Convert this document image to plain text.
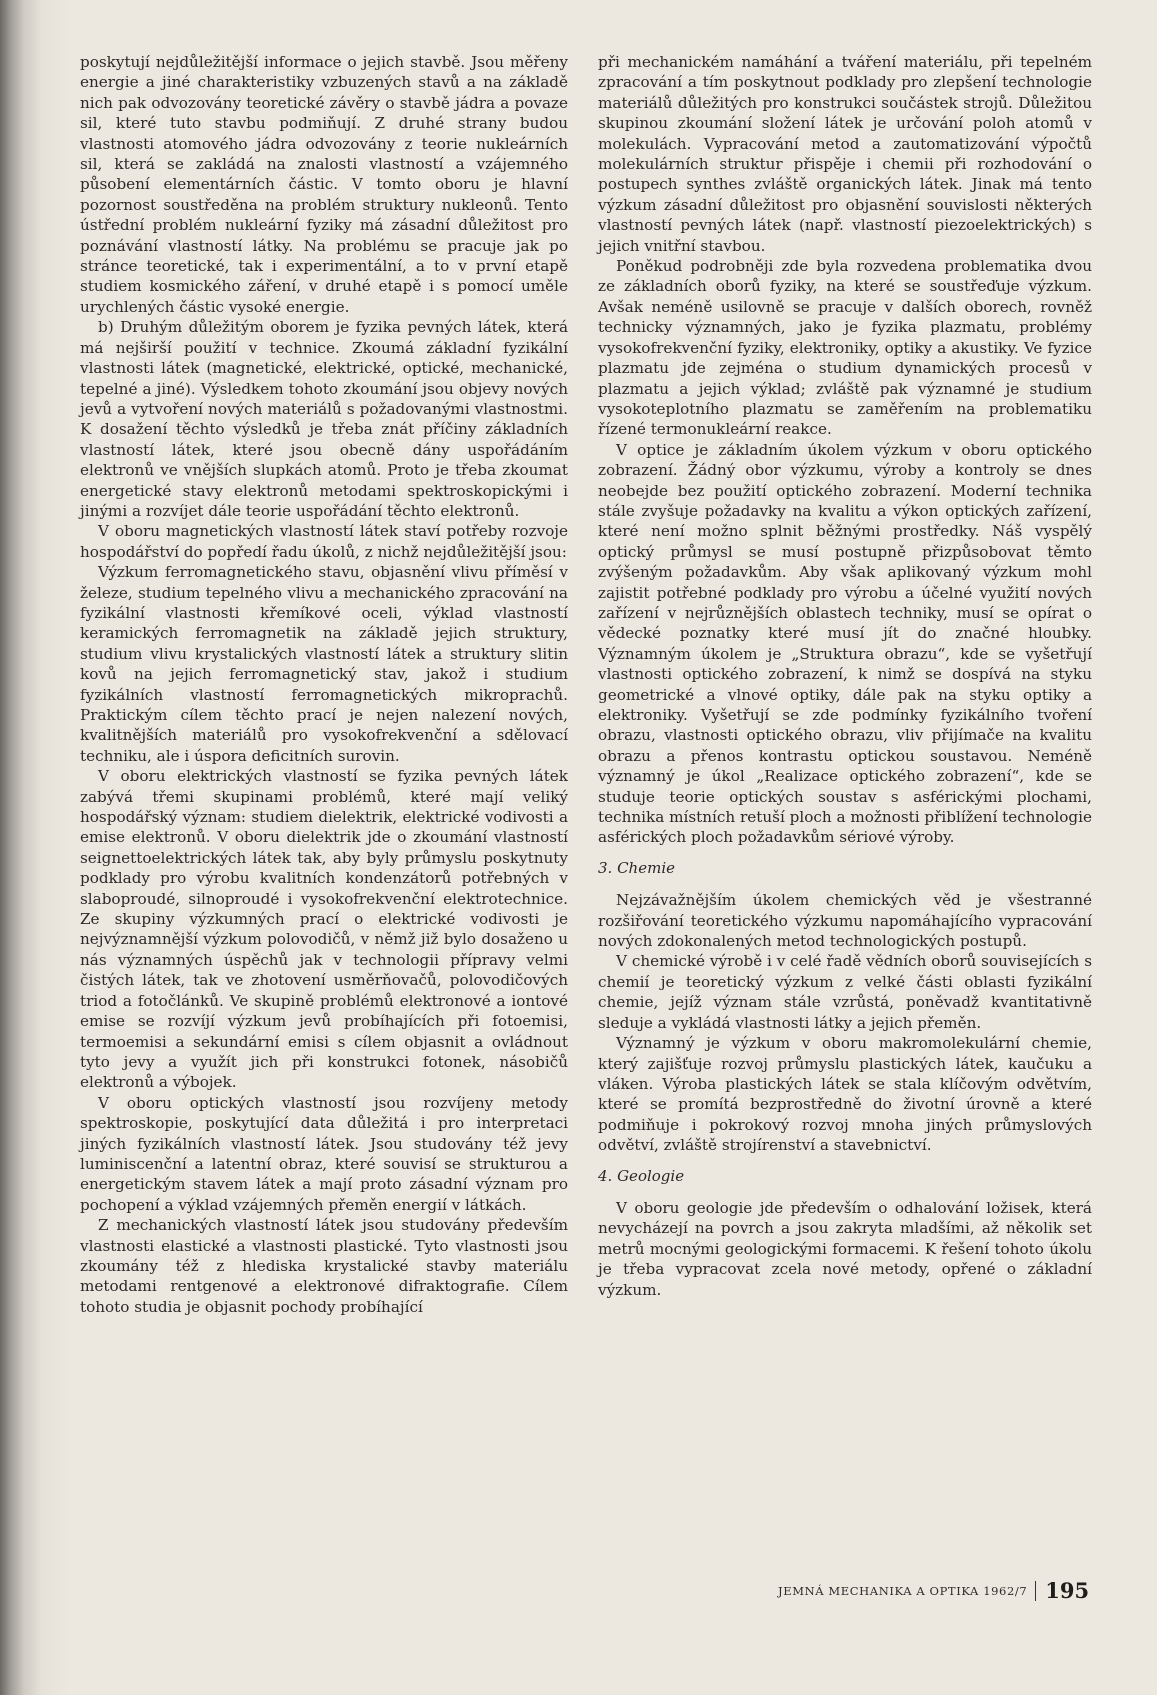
poskytují nejdůležitější informace o jejich stavbě. Jsou měřeny energie a jiné charakteristiky vzbuzených stavů a na základě nich pak odvozovány teoretické závěry o stavbě jádra a povaze sil, které tuto stavbu podmiňují. Z druhé strany budou vlastnosti atomového jádra odvozovány z teorie nukleárních sil, která se zakládá na znalosti vlastností a vzájemného působení elementárních částic. V tomto oboru je hlavní pozornost soustředěna na problém struktury nukleonů. Tento ústřední problém nukleární fyziky má zásadní důležitost pro poznávání vlastností látky. Na problému se pracuje jak po stránce teoretické, tak i experimentální, a to v první etapě studiem kosmického záření, v druhé etapě i s pomocí uměle urychlených částic vysoké energie.

b) Druhým důležitým oborem je fyzika pevných látek, která má nejširší použití v technice. Zkoumá základní fyzikální vlastnosti látek (magnetické, elektrické, optické, mechanické, tepelné a jiné). Výsledkem tohoto zkoumání jsou objevy nových jevů a vytvoření nových materiálů s požadovanými vlastnostmi. K dosažení těchto výsledků je třeba znát příčiny základních vlastností látek, které jsou obecně dány uspořádáním elektronů ve vnějších slupkách atomů. Proto je třeba zkoumat energetické stavy elektronů metodami spektroskopickými i jinými a rozvíjet dále teorie uspořádání těchto elektronů.

V oboru magnetických vlastností látek staví potřeby rozvoje hospodářství do popředí řadu úkolů, z nichž nejdůležitější jsou:

Výzkum ferromagnetického stavu, objasnění vlivu příměsí v železe, studium tepelného vlivu a mechanického zpracování na fyzikální vlastnosti křemíkové oceli, výklad vlastností keramických ferromagnetik na základě jejich struktury, studium vlivu krystalických vlastností látek a struktury slitin kovů na jejich ferromagnetický stav, jakož i studium fyzikálních vlastností ferromagnetických mikroprachů. Praktickým cílem těchto prací je nejen nalezení nových, kvalitnějších materiálů pro vysokofrekvenční a sdělovací techniku, ale i úspora deficitních surovin.

V oboru elektrických vlastností se fyzika pevných látek zabývá třemi skupinami problémů, které mají veliký hospodářský význam: studiem dielektrik, elektrické vodivosti a emise elektronů. V oboru dielektrik jde o zkoumání vlastností seignettoelektrických látek tak, aby byly průmyslu poskytnuty podklady pro výrobu kvalitních kondenzátorů potřebných v slaboproudé, silnoproudé i vysokofrekvenční elektrotechnice. Ze skupiny výzkumných prací o elektrické vodivosti je nejvýznamnější výzkum polovodičů, v němž již bylo dosaženo u nás významných úspěchů jak v technologii přípravy velmi čistých látek, tak ve zhotovení usměrňovačů, polovodičových triod a fotočlánků. Ve skupině problémů elektronové a iontové emise se rozvíjí výzkum jevů probíhajících při fotoemisi, termoemisi a sekundární emisi s cílem objasnit a ovládnout tyto jevy a využít jich při konstrukci fotonek, násobičů elektronů a výbojek.

V oboru optických vlastností jsou rozvíjeny metody spektroskopie, poskytující data důležitá i pro interpretaci jiných fyzikálních vlastností látek. Jsou studovány též jevy luminiscenční a latentní obraz, které souvisí se strukturou a energetickým stavem látek a mají proto zásadní význam pro pochopení a výklad vzájemných přeměn energií v látkách.

Z mechanických vlastností látek jsou studovány především vlastnosti elastické a vlastnosti plastické. Tyto vlastnosti jsou zkoumány též z hlediska krystalické stavby materiálu metodami rentgenové a elektronové difraktografie. Cílem tohoto studia je objasnit pochody probíhající

při mechanickém namáhání a tváření materiálu, při tepelném zpracování a tím poskytnout podklady pro zlepšení technologie materiálů důležitých pro konstrukci součástek strojů. Důležitou skupinou zkoumání složení látek je určování poloh atomů v molekulách. Vypracování metod a zautomatizování výpočtů molekulárních struktur přispěje i chemii při rozhodování o postupech synthes zvláště organických látek. Jinak má tento výzkum zásadní důležitost pro objasnění souvislosti některých vlastností pevných látek (např. vlastností piezoelektrických) s jejich vnitřní stavbou.

Poněkud podrobněji zde byla rozvedena problematika dvou ze základních oborů fyziky, na které se soustřeďuje výzkum. Avšak neméně usilovně se pracuje v dalších oborech, rovněž technicky významných, jako je fyzika plazmatu, problémy vysokofrekvenční fyziky, elektroniky, optiky a akustiky. Ve fyzice plazmatu jde zejména o studium dynamických procesů v plazmatu a jejich výklad; zvláště pak významné je studium vysokoteplotního plazmatu se zaměřením na problematiku řízené termonukleární reakce.

V optice je základním úkolem výzkum v oboru optického zobrazení. Žádný obor výzkumu, výroby a kontroly se dnes neobejde bez použití optického zobrazení. Moderní technika stále zvyšuje požadavky na kvalitu a výkon optických zařízení, které není možno splnit běžnými prostředky. Náš vyspělý optický průmysl se musí postupně přizpůsobovat těmto zvýšeným požadavkům. Aby však aplikovaný výzkum mohl zajistit potřebné podklady pro výrobu a účelné využití nových zařízení v nejrůznějších oblastech techniky, musí se opírat o vědecké poznatky které musí jít do značné hloubky. Významným úkolem je „Struktura obrazu“, kde se vyšetřují vlastnosti optického zobrazení, k nimž se dospívá na styku geometrické a vlnové optiky, dále pak na styku optiky a elektroniky. Vyšetřují se zde podmínky fyzikálního tvoření obrazu, vlastnosti optického obrazu, vliv přijímače na kvalitu obrazu a přenos kontrastu optickou soustavou. Neméně významný je úkol „Realizace optického zobrazení“, kde se studuje teorie optických soustav s asférickými plochami, technika místních retuší ploch a možnosti přiblížení technologie asférických ploch požadavkům sériové výroby.

3. Chemie

Nejzávažnějším úkolem chemických věd je všestranné rozšiřování teoretického výzkumu napomáhajícího vypracování nových zdokonalených metod technologických postupů.

V chemické výrobě i v celé řadě vědních oborů souvisejících s chemií je teoretický výzkum z velké části oblasti fyzikální chemie, jejíž význam stále vzrůstá, poněvadž kvantitativně sleduje a vykládá vlastnosti látky a jejich přeměn.

Významný je výzkum v oboru makromolekulární chemie, který zajišťuje rozvoj průmyslu plastických látek, kaučuku a vláken. Výroba plastických látek se stala klíčovým odvětvím, které se promítá bezprostředně do životní úrovně a které podmiňuje i pokrokový rozvoj mnoha jiných průmyslových odvětví, zvláště strojírenství a stavebnictví.

4. Geologie

V oboru geologie jde především o odhalování ložisek, která nevycházejí na povrch a jsou zakryta mladšími, až několik set metrů mocnými geologickými formacemi. K řešení tohoto úkolu je třeba vypracovat zcela nové metody, opřené o základní výzkum.

JEMNÁ MECHANIKA A OPTIKA 1962/7 195
